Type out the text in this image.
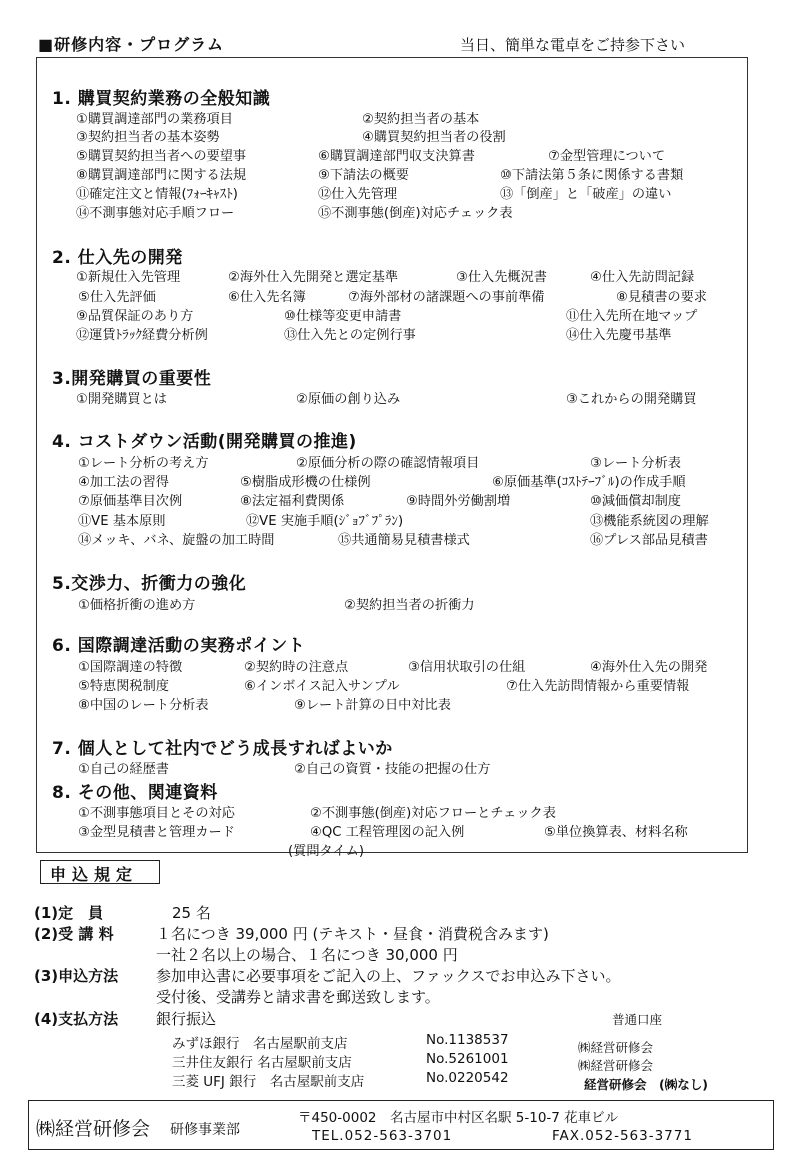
■研修内容・プログラム	当日、簡単な電卓をご持参下さい
1. 購買契約業務の全般知識
①購買調達部門の業務項目	②契約担当者の基本
③契約担当者の基本姿勢	④購買契約担当者の役割
⑤購買契約担当者への要望事	⑥購買調達部門収支決算書	⑦金型管理について
⑧購買調達部門に関する法規	⑨下請法の概要	⑩下請法第５条に関係する書類
⑪確定注文と情報(ﾌｫｰｷｬｽﾄ)	⑫仕入先管理	⑬「倒産」と「破産」の違い
⑭不測事態対応手順フロー	⑮不測事態(倒産)対応チェック表
2. 仕入先の開発
①新規仕入先管理	②海外仕入先開発と選定基準	③仕入先概況書	④仕入先訪問記録
⑤仕入先評価	⑥仕入先名簿	⑦海外部材の諸課題への事前準備	⑧見積書の要求
⑨品質保証のあり方	⑩仕様等変更申請書	⑪仕入先所在地マップ
⑫運賃ﾄﾗｯｸ経費分析例	⑬仕入先との定例行事	⑭仕入先慶弔基準
3.開発購買の重要性
①開発購買とは	②原価の創り込み	③これからの開発購買
4. コストダウン活動(開発購買の推進)
①レート分析の考え方	②原価分析の際の確認情報項目	③レート分析表
④加工法の習得	⑤樹脂成形機の仕様例	⑥原価基準(ｺｽﾄﾃｰﾌﾞﾙ)の作成手順
⑦原価基準目次例	⑧法定福利費関係	⑨時間外労働割増	⑩減価償却制度
⑪VE 基本原則	⑫VE 実施手順(ｼﾞｮﾌﾞﾌﾟﾗﾝ)	⑬機能系統図の理解
⑭メッキ、バネ、旋盤の加工時間	⑮共通簡易見積書様式	⑯プレス部品見積書
5.交渉力、折衝力の強化
①価格折衝の進め方	②契約担当者の折衝力
6. 国際調達活動の実務ポイント
①国際調達の特徴	②契約時の注意点	③信用状取引の仕組	④海外仕入先の開発
⑤特恵関税制度	⑥インボイス記入サンプル	⑦仕入先訪問情報から重要情報
⑧中国のレート分析表	⑨レート計算の日中対比表
7. 個人として社内でどう成長すればよいか
①自己の経歴書	②自己の資質・技能の把握の仕方
8. その他、関連資料
①不測事態項目とその対応	②不測事態(倒産)対応フローとチェック表
③金型見積書と管理カード	④QC 工程管理図の記入例	⑤単位換算表、材料名称
(質問タイム)
申込規定
(1)定　員	25 名
(2)受 講 料	１名につき 39,000 円 (テキスト・昼食・消費税含みます)
一社２名以上の場合、１名につき 30,000 円
(3)申込方法	参加申込書に必要事項をご記入の上、ファックスでお申込み下さい。
受付後、受講券と請求書を郵送致します。
(4)支払方法	銀行振込	普通口座
みずほ銀行　名古屋駅前支店	No.1138537	㈱経営研修会
三井住友銀行 名古屋駅前支店	No.5261001	㈱経営研修会
三菱 UFJ 銀行　名古屋駅前支店	No.0220542	経営研修会　(㈱なし)
㈱経営研修会 研修事業部
〒450-0002　名古屋市中村区名駅 5-10-7 花車ビル
TEL.052-563-3701	FAX.052-563-3771
